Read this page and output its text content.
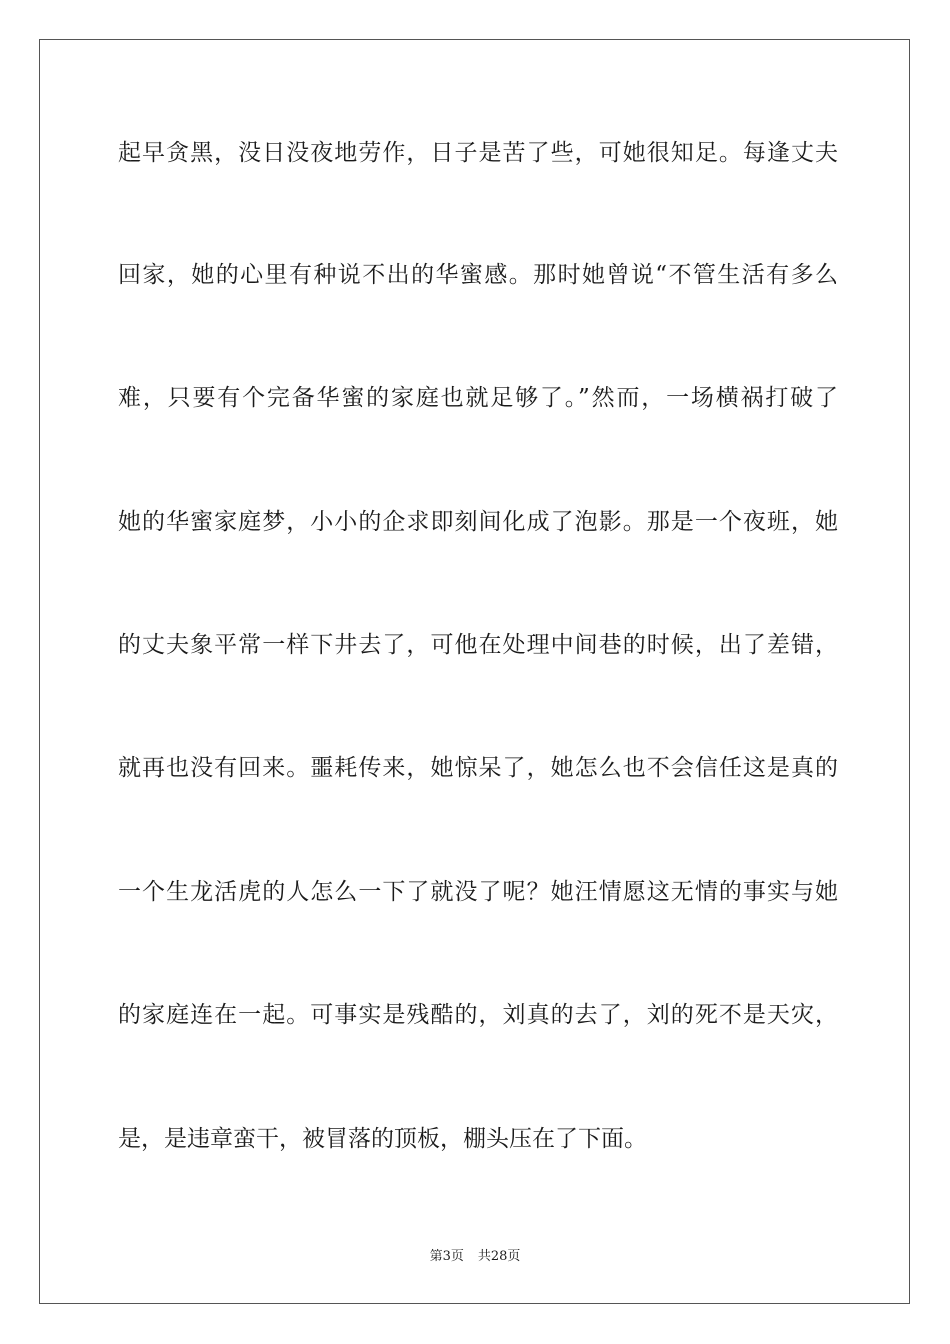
起早贪黑，没日没夜地劳作，日子是苦了些，可她很知足。每逢丈夫
回家，她的心里有种说不出的华蜜感。那时她曾说“不管生活有多么
难，只要有个完备华蜜的家庭也就足够了。”然而，一场横祸打破了
她的华蜜家庭梦，小小的企求即刻间化成了泡影。那是一个夜班，她
的丈夫象平常一样下井去了，可他在处理中间巷的时候，出了差错，
就再也没有回来。噩耗传来，她惊呆了，她怎么也不会信任这是真的
一个生龙活虎的人怎么一下了就没了呢？她汪情愿这无情的事实与她
的家庭连在一起。可事实是残酷的，刘真的去了，刘的死不是天灾，
是，是违章蛮干，被冒落的顶板，棚头压在了下面。
第3页 共28页
